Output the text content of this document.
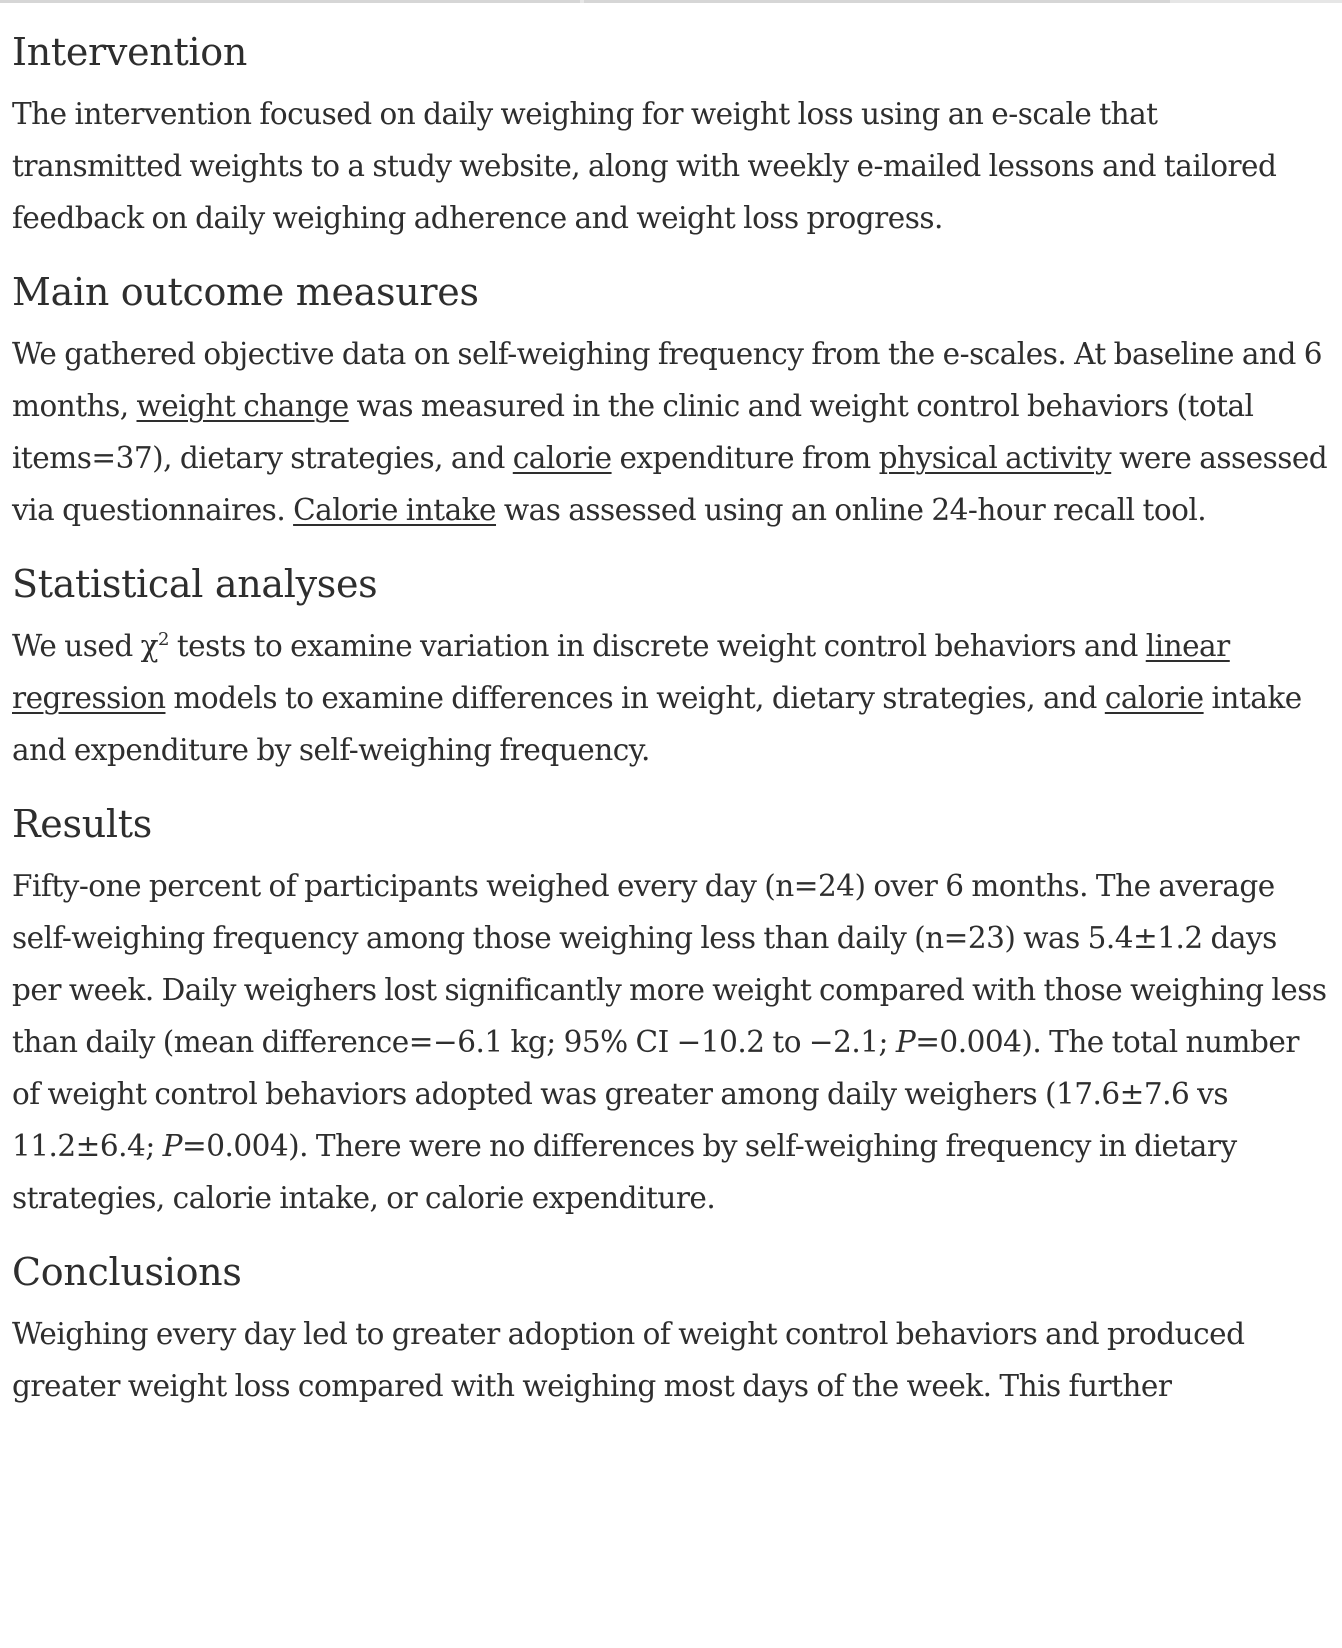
Intervention

The intervention focused on daily weighing for weight loss using an e-scale that transmitted weights to a study website, along with weekly e-mailed lessons and tailored feedback on daily weighing adherence and weight loss progress.

Main outcome measures

We gathered objective data on self-weighing frequency from the e-scales. At baseline and 6 months, weight change was measured in the clinic and weight control behaviors (total items=37), dietary strategies, and calorie expenditure from physical activity were assessed via questionnaires. Calorie intake was assessed using an online 24-hour recall tool.

Statistical analyses

We used $\chi^2$ tests to examine variation in discrete weight control behaviors and linear regression models to examine differences in weight, dietary strategies, and calorie intake and expenditure by self-weighing frequency.

Results

Fifty-one percent of participants weighed every day (n=24) over 6 months. The average self-weighing frequency among those weighing less than daily (n=23) was 5.4±1.2 days per week. Daily weighers lost significantly more weight compared with those weighing less than daily (mean difference=−6.1 kg; 95% CI −10.2 to −2.1; P=0.004). The total number of weight control behaviors adopted was greater among daily weighers (17.6±7.6 vs 11.2±6.4; P=0.004). There were no differences by self-weighing frequency in dietary strategies, calorie intake, or calorie expenditure.

Conclusions

Weighing every day led to greater adoption of weight control behaviors and produced greater weight loss compared with weighing most days of the week. This further
